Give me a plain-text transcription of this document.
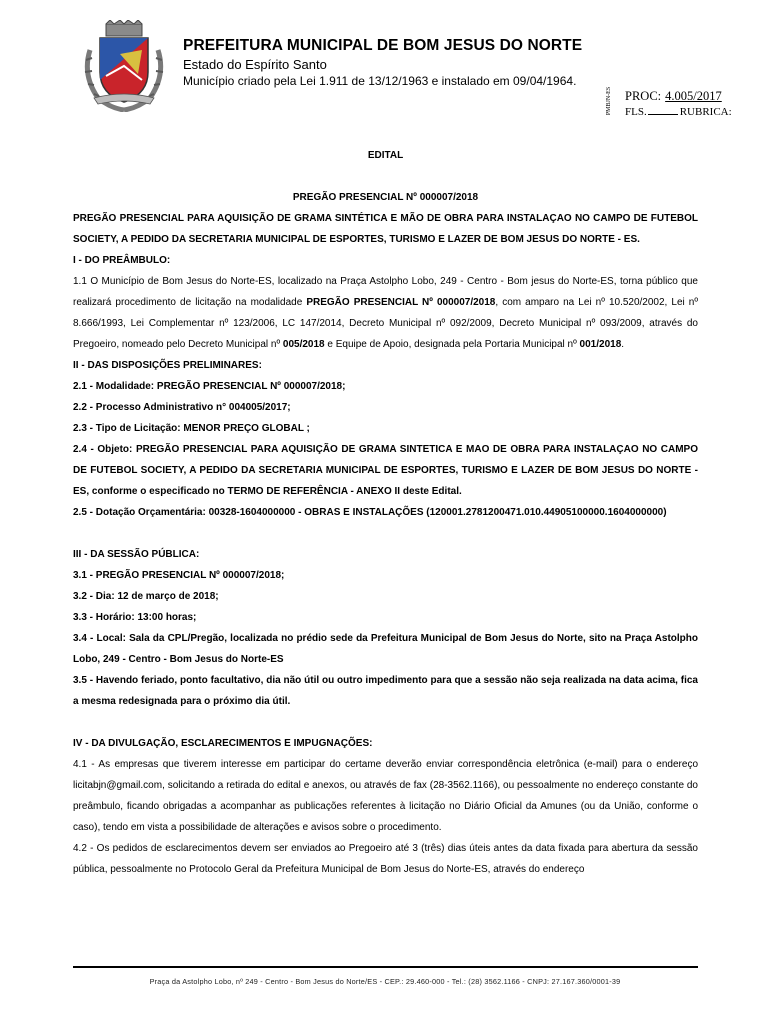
PREFEITURA MUNICIPAL DE BOM JESUS DO NORTE
Estado do Espírito Santo
Município criado pela Lei 1.911 de 13/12/1963 e instalado em 09/04/1964.
PMBJN-ES PROC: 4.005/2017
FLS.	RUBRICA:

EDITAL

PREGÃO PRESENCIAL Nº 000007/2018

PREGÃO PRESENCIAL PARA AQUISIÇÃO DE GRAMA SINTÉTICA E MÃO DE OBRA PARA INSTALAÇAO NO CAMPO DE FUTEBOL SOCIETY, A PEDIDO DA SECRETARIA MUNICIPAL DE ESPORTES, TURISMO E LAZER DE BOM JESUS DO NORTE - ES.

I - DO PREÂMBULO:

1.1 O Município de Bom Jesus do Norte-ES, localizado na Praça Astolpho Lobo, 249 - Centro - Bom jesus do Norte-ES, torna público que realizará procedimento de licitação na modalidade PREGÃO PRESENCIAL Nº 000007/2018, com amparo na Lei nº 10.520/2002, Lei nº 8.666/1993, Lei Complementar nº 123/2006, LC 147/2014, Decreto Municipal nº 092/2009, Decreto Municipal nº 093/2009, através do Pregoeiro, nomeado pelo Decreto Municipal nº 005/2018 e Equipe de Apoio, designada pela Portaria Municipal nº 001/2018.

II - DAS DISPOSIÇÕES PRELIMINARES:

2.1 - Modalidade: PREGÃO PRESENCIAL Nº 000007/2018;

2.2 - Processo Administrativo n° 004005/2017;

2.3 - Tipo de Licitação: MENOR PREÇO GLOBAL ;

2.4 - Objeto: PREGÃO PRESENCIAL PARA AQUISIÇÃO DE GRAMA SINTETICA E MAO DE OBRA PARA INSTALAÇAO NO CAMPO DE FUTEBOL SOCIETY, A PEDIDO DA SECRETARIA MUNICIPAL DE ESPORTES, TURISMO E LAZER DE BOM JESUS DO NORTE - ES, conforme o especificado no TERMO DE REFERÊNCIA - ANEXO II deste Edital.

2.5 - Dotação Orçamentária: 00328-1604000000 - OBRAS E INSTALAÇÕES (120001.2781200471.010.44905100000.1604000000)

III - DA SESSÃO PÚBLICA:

3.1 - PREGÃO PRESENCIAL Nº 000007/2018;

3.2 - Dia: 12 de março de 2018;

3.3 - Horário: 13:00 horas;

3.4 - Local: Sala da CPL/Pregão, localizada no prédio sede da Prefeitura Municipal de Bom Jesus do Norte, sito na Praça Astolpho Lobo, 249 - Centro - Bom Jesus do Norte-ES

3.5 - Havendo feriado, ponto facultativo, dia não útil ou outro impedimento para que a sessão não seja realizada na data acima, fica a mesma redesignada para o próximo dia útil.

IV - DA DIVULGAÇÃO, ESCLARECIMENTOS E IMPUGNAÇÕES:

4.1 - As empresas que tiverem interesse em participar do certame deverão enviar correspondência eletrônica (e-mail) para o endereço licitabjn@gmail.com, solicitando a retirada do edital e anexos, ou através de fax (28-3562.1166), ou pessoalmente no endereço constante do preâmbulo, ficando obrigadas a acompanhar as publicações referentes à licitação no Diário Oficial da Amunes (ou da União, conforme o caso), tendo em vista a possibilidade de alterações e avisos sobre o procedimento.

4.2 - Os pedidos de esclarecimentos devem ser enviados ao Pregoeiro até 3 (três) dias úteis antes da data fixada para abertura da sessão pública, pessoalmente no Protocolo Geral da Prefeitura Municipal de Bom Jesus do Norte-ES, através do endereço

Praça da Astolpho Lobo, nº 249 - Centro - Bom Jesus do Norte/ES - CEP.: 29.460-000 - Tel.: (28) 3562.1166 - CNPJ: 27.167.360/0001-39
